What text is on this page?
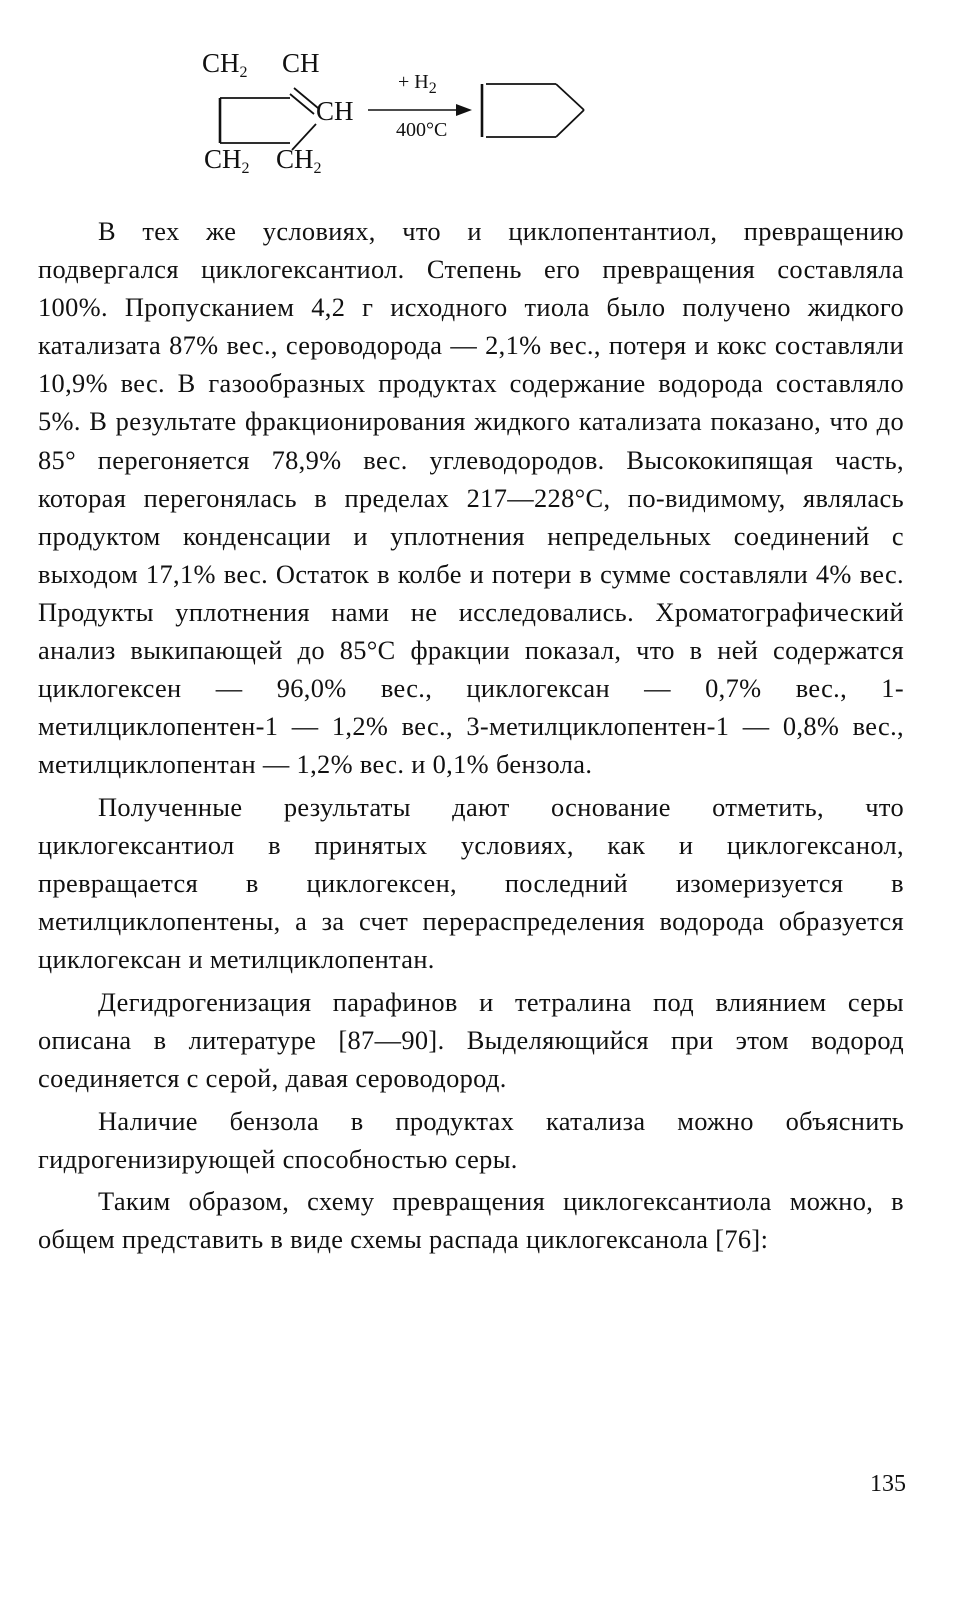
$CH_2$ CH
CH
$CH_2$ $CH_2$
+ $H_2$
400°C

В тех же условиях, что и циклопентантиол, превращению подвергался циклогексантиол. Степень его превращения составляла 100%. Пропусканием 4,2 г исходного тиола было получено жидкого катализата 87% вес., сероводорода — 2,1% вес., потеря и кокс составляли 10,9% вес. В газообразных продуктах содержание водорода составляло 5%. В результате фракционирования жидкого катализата показано, что до 85° перегоняется 78,9% вес. углеводородов. Высококипящая часть, которая перегонялась в пределах 217—228°С, по-видимому, являлась продуктом конденсации и уплотнения непредельных соединений с выходом 17,1% вес. Остаток в колбе и потери в сумме составляли 4% вес. Продукты уплотнения нами не исследовались. Хроматографический анализ выкипающей до 85°С фракции показал, что в ней содержатся циклогексен — 96,0% вес., циклогексан — 0,7% вес., 1-метилциклопентен-1 — 1,2% вес., 3-метилциклопентен-1 — 0,8% вес., метилциклопентан — 1,2% вес. и 0,1% бензола.

Полученные результаты дают основание отметить, что циклогексантиол в принятых условиях, как и циклогексанол, превращается в циклогексен, последний изомеризуется в метилциклопентены, а за счет перераспределения водорода образуется циклогексан и метилциклопентан.

Дегидрогенизация парафинов и тетралина под влиянием серы описана в литературе [87—90]. Выделяющийся при этом водород соединяется с серой, давая сероводород.

Наличие бензола в продуктах катализа можно объяснить гидрогенизирующей способностью серы.

Таким образом, схему превращения циклогексантиола можно, в общем представить в виде схемы распада циклогексанола [76]:

135
